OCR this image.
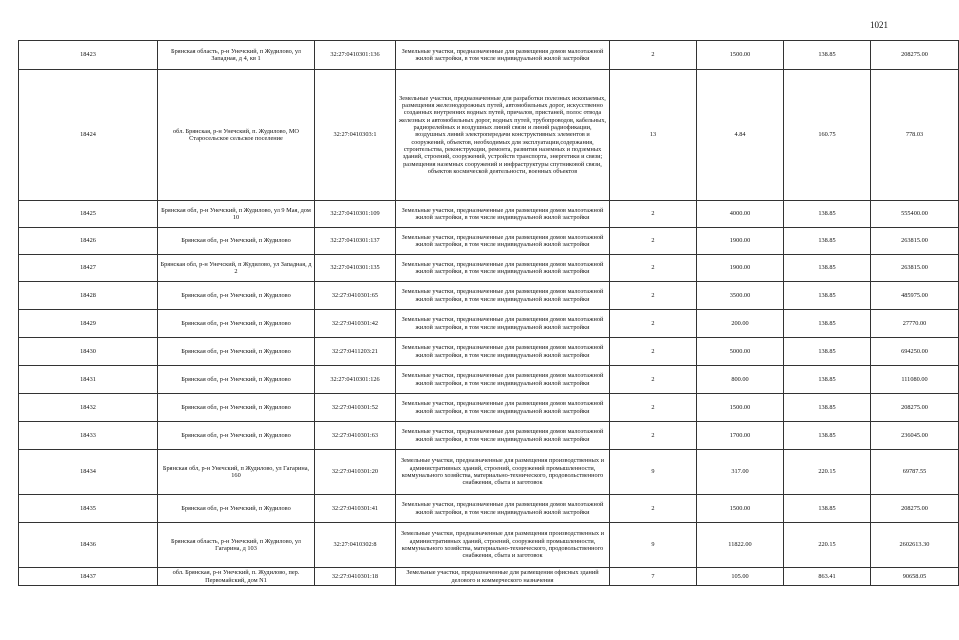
1021
18423	Брянская область, р-н Унечский, п Жудилово, ул Западная, д 4, кв 1	32:27:0410301:136	Земельные участки, предназначенные для размещения домов малоэтажной жилой застройки, в том числе индивидуальной жилой застройки	2	1500.00	138.85	208275.00
18424	обл. Брянская, р-н Унечский, п. Жудилово, МО Старосельское сельское поселение	32:27:0410303:1	Земельные участки, предназначенные для разработки полезных ископаемых, размещения железнодорожных путей, автомобильных дорог, искусственно созданных внутренних водных путей, причалов, пристаней, полос отвода железных и автомобильных дорог, водных путей, трубопроводов, кабельных, радиорелейных и воздушных линий связи и линий радиофикации, воздушных линий электропередачи конструктивных элементов и сооружений, объектов, необходимых для эксплуатации,содержания, строительства, реконструкции, ремонта, развития наземных и подземных зданий, строений, сооружений, устройств транспорта, энергетики и связи; размещения наземных сооружений и инфраструктуры спутниковой связи, объектов космической деятельности, военных объектов	13	4.84	160.75	778.03
18425	Брянская обл, р-н Унечский, п Жудилово, ул 9 Мая, дом 10	32:27:0410301:109	Земельные участки, предназначенные для размещения домов малоэтажной жилой застройки, в том числе индивидуальной жилой застройки	2	4000.00	138.85	555400.00
18426	Брянская обл, р-н Унечский, п Жудилово	32:27:0410301:137	Земельные участки, предназначенные для размещения домов малоэтажной жилой застройки, в том числе индивидуальной жилой застройки	2	1900.00	138.85	263815.00
18427	Брянская обл, р-н Унечский, п Жудилово, ул Западная, д 2	32:27:0410301:135	Земельные участки, предназначенные для размещения домов малоэтажной жилой застройки, в том числе индивидуальной жилой застройки	2	1900.00	138.85	263815.00
18428	Брянская обл, р-н Унечский, п Жудилово	32:27:0410301:65	Земельные участки, предназначенные для размещения домов малоэтажной жилой застройки, в том числе индивидуальной жилой застройки	2	3500.00	138.85	485975.00
18429	Брянская обл, р-н Унечский, п Жудилово	32:27:0410301:42	Земельные участки, предназначенные для размещения домов малоэтажной жилой застройки, в том числе индивидуальной жилой застройки	2	200.00	138.85	27770.00
18430	Брянская обл, р-н Унечский, п Жудилово	32:27:0411203:21	Земельные участки, предназначенные для размещения домов малоэтажной жилой застройки, в том числе индивидуальной жилой застройки	2	5000.00	138.85	694250.00
18431	Брянская обл, р-н Унечский, п Жудилово	32:27:0410301:126	Земельные участки, предназначенные для размещения домов малоэтажной жилой застройки, в том числе индивидуальной жилой застройки	2	800.00	138.85	111080.00
18432	Брянская обл, р-н Унечский, п Жудилово	32:27:0410301:52	Земельные участки, предназначенные для размещения домов малоэтажной жилой застройки, в том числе индивидуальной жилой застройки	2	1500.00	138.85	208275.00
18433	Брянская обл, р-н Унечский, п Жудилово	32:27:0410301:63	Земельные участки, предназначенные для размещения домов малоэтажной жилой застройки, в том числе индивидуальной жилой застройки	2	1700.00	138.85	236045.00
18434	Брянская обл, р-н Унечский, п Жудилово, ул Гагарина, 160	32:27:0410301:20	Земельные участки, предназначенные для размещения производственных и административных зданий, строений, сооружений промышленности, коммунального хозяйства, материально-технического, продовольственного снабжения, сбыта и заготовок	9	317.00	220.15	69787.55
18435	Брянская обл, р-н Унечский, п Жудилово	32:27:0410301:41	Земельные участки, предназначенные для размещения домов малоэтажной жилой застройки, в том числе индивидуальной жилой застройки	2	1500.00	138.85	208275.00
18436	Брянская область, р-н Унечский, п Жудилово, ул Гагарина, д 103	32:27:0410302:8	Земельные участки, предназначенные для размещения производственных и административных зданий, строений, сооружений промышленности, коммунального хозяйства, материально-технического, продовольственного снабжения, сбыта и заготовок	9	11822.00	220.15	2602613.30
18437	обл. Брянская, р-н Унечский, п. Жудилово, пер. Первомайский, дом N1	32:27:0410301:18	Земельные участки, предназначенные для размещения офисных зданий делового и коммерческого назначения	7	105.00	863.41	90658.05
